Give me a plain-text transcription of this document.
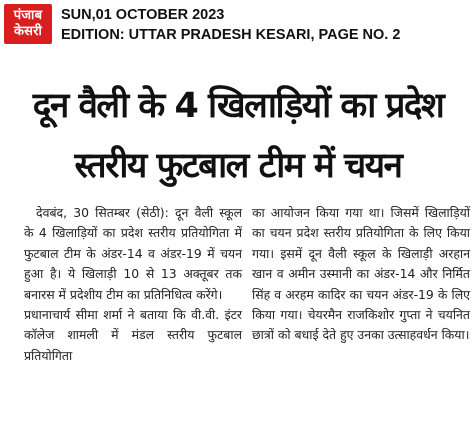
पंजाब
केसरी
SUN,01 OCTOBER 2023
EDITION: UTTAR PRADESH KESARI, PAGE NO. 2
दून वैली के 4 खिलाड़ियों का प्रदेश
स्तरीय फुटबाल टीम में चयन

देवबंद, 30 सितम्बर (सेठी): दून वैली स्कूल के 4 खिलाड़ियों का प्रदेश स्तरीय प्रतियोगिता में फुटबाल टीम के अंडर-14 व अंडर-19 में चयन हुआ है। ये खिलाड़ी 10 से 13 अक्तूबर तक बनारस में प्रदेशीय टीम का प्रतिनिधित्व करेंगे।

प्रधानाचार्य सीमा शर्मा ने बताया कि वी.वी. इंटर कॉलेज शामली में मंडल स्तरीय फुटबाल प्रतियोगिता

का आयोजन किया गया था। जिसमें खिलाड़ियों का चयन प्रदेश स्तरीय प्रतियोगिता के लिए किया गया। इसमें दून वैली स्कूल के खिलाड़ी अरहान खान व अमीन उस्मानी का अंडर-14 और निर्मित सिंह व अरहम कादिर का चयन अंडर-19 के लिए किया गया। चेयरमैन राजकिशोर गुप्ता ने चयनित छात्रों को बधाई देते हुए उनका उत्साहवर्धन किया।
